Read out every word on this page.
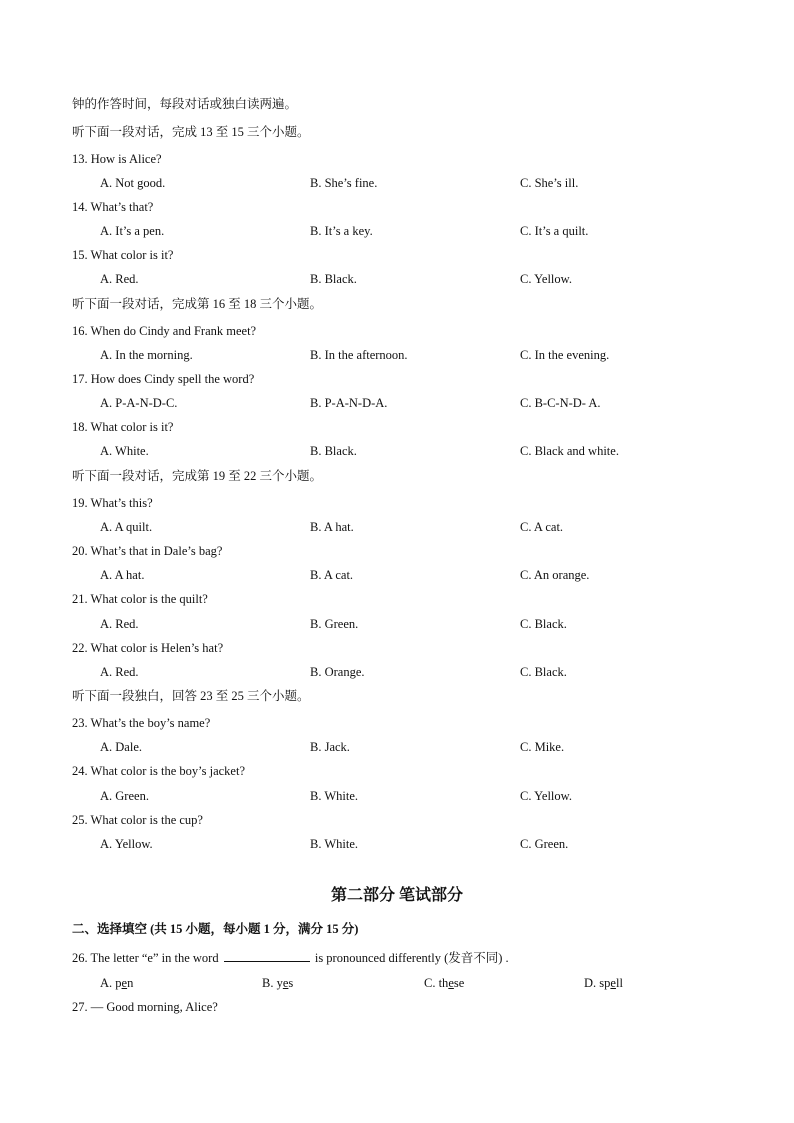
钟的作答时间，每段对话或独白读两遍。
听下面一段对话，完成 13 至 15 三个小题。
13. How is Alice?
A. Not good.	B. She’s fine.	C. She’s ill.
14. What’s that?
A. It’s a pen.	B. It’s a key.	C. It’s a quilt.
15. What color is it?
A. Red.	B. Black.	C. Yellow.
听下面一段对话，完成第 16 至 18 三个小题。
16. When do Cindy and Frank meet?
A. In the morning.	B. In the afternoon.	C. In the evening.
17. How does Cindy spell the word?
A. P-A-N-D-C.	B. P-A-N-D-A.	C. B-C-N-D- A.
18. What color is it?
A. White.	B. Black.	C. Black and white.
听下面一段对话，完成第 19 至 22 三个小题。
19. What’s this?
A. A quilt.	B. A hat.	C. A cat.
20. What’s that in Dale’s bag?
A. A hat.	B. A cat.	C. An orange.
21. What color is the quilt?
A. Red.	B. Green.	C. Black.
22. What color is Helen’s hat?
A. Red.	B. Orange.	C. Black.
听下面一段独白，回答 23 至 25 三个小题。
23. What’s the boy’s name?
A. Dale.	B. Jack.	C. Mike.
24. What color is the boy’s jacket?
A. Green.	B. White.	C. Yellow.
25. What color is the cup?
A. Yellow.	B. White.	C. Green.
第二部分 笔试部分
二、选择填空 (共 15 小题，每小题 1 分，满分 15 分)
26. The letter “e” in the word	is pronounced differently (发音不同) .
A. pen	B. yes	C. these	D. spell
27. — Good morning, Alice?
